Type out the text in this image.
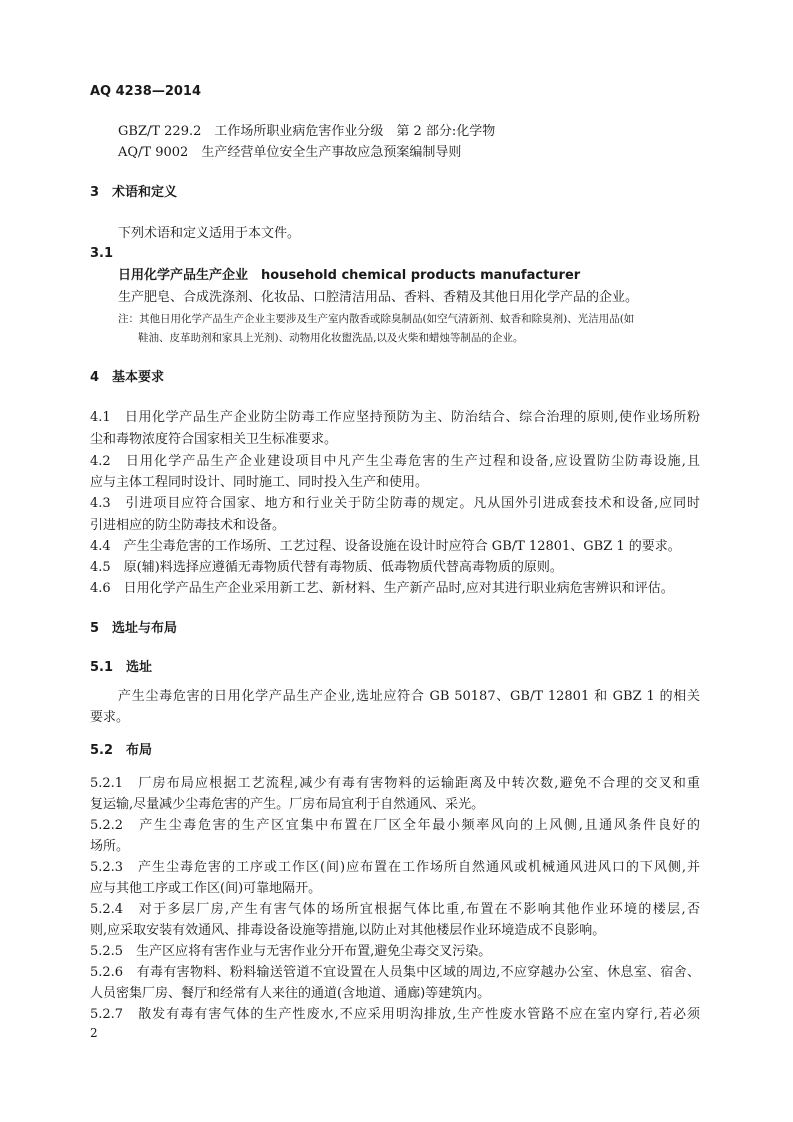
AQ 4238—2014
GBZ/T 229.2　工作场所职业病危害作业分级　第 2 部分:化学物
AQ/T 9002　生产经营单位安全生产事故应急预案编制导则
3　术语和定义
下列术语和定义适用于本文件。
3.1
日用化学产品生产企业　household chemical products manufacturer
生产肥皂、合成洗涤剂、化妆品、口腔清洁用品、香料、香精及其他日用化学产品的企业。
注：其他日用化学产品生产企业主要涉及生产室内散香或除臭制品(如空气清新剂、蚊香和除臭剂)、光洁用品(如
鞋油、皮革助剂和家具上光剂)、动物用化妆盥洗品,以及火柴和蜡烛等制品的企业。
4　基本要求
4.1　日用化学产品生产企业防尘防毒工作应坚持预防为主、防治结合、综合治理的原则,使作业场所粉
尘和毒物浓度符合国家相关卫生标准要求。
4.2　日用化学产品生产企业建设项目中凡产生尘毒危害的生产过程和设备,应设置防尘防毒设施,且
应与主体工程同时设计、同时施工、同时投入生产和使用。
4.3　引进项目应符合国家、地方和行业关于防尘防毒的规定。凡从国外引进成套技术和设备,应同时
引进相应的防尘防毒技术和设备。
4.4　产生尘毒危害的工作场所、工艺过程、设备设施在设计时应符合 GB/T 12801、GBZ 1 的要求。
4.5　原(辅)料选择应遵循无毒物质代替有毒物质、低毒物质代替高毒物质的原则。
4.6　日用化学产品生产企业采用新工艺、新材料、生产新产品时,应对其进行职业病危害辨识和评估。
5　选址与布局
5.1　选址
产生尘毒危害的日用化学产品生产企业,选址应符合 GB 50187、GB/T 12801 和 GBZ 1 的相关
要求。
5.2　布局
5.2.1　厂房布局应根据工艺流程,减少有毒有害物料的运输距离及中转次数,避免不合理的交叉和重
复运输,尽量减少尘毒危害的产生。厂房布局宜利于自然通风、采光。
5.2.2　产生尘毒危害的生产区宜集中布置在厂区全年最小频率风向的上风侧,且通风条件良好的
场所。
5.2.3　产生尘毒危害的工序或工作区(间)应布置在工作场所自然通风或机械通风进风口的下风侧,并
应与其他工序或工作区(间)可靠地隔开。
5.2.4　对于多层厂房,产生有害气体的场所宜根据气体比重,布置在不影响其他作业环境的楼层,否
则,应采取安装有效通风、排毒设备设施等措施,以防止对其他楼层作业环境造成不良影响。
5.2.5　生产区应将有害作业与无害作业分开布置,避免尘毒交叉污染。
5.2.6　有毒有害物料、粉料输送管道不宜设置在人员集中区域的周边,不应穿越办公室、休息室、宿舍、
人员密集厂房、餐厅和经常有人来往的通道(含地道、通廊)等建筑内。
5.2.7　散发有毒有害气体的生产性废水,不应采用明沟排放,生产性废水管路不应在室内穿行,若必须
2
